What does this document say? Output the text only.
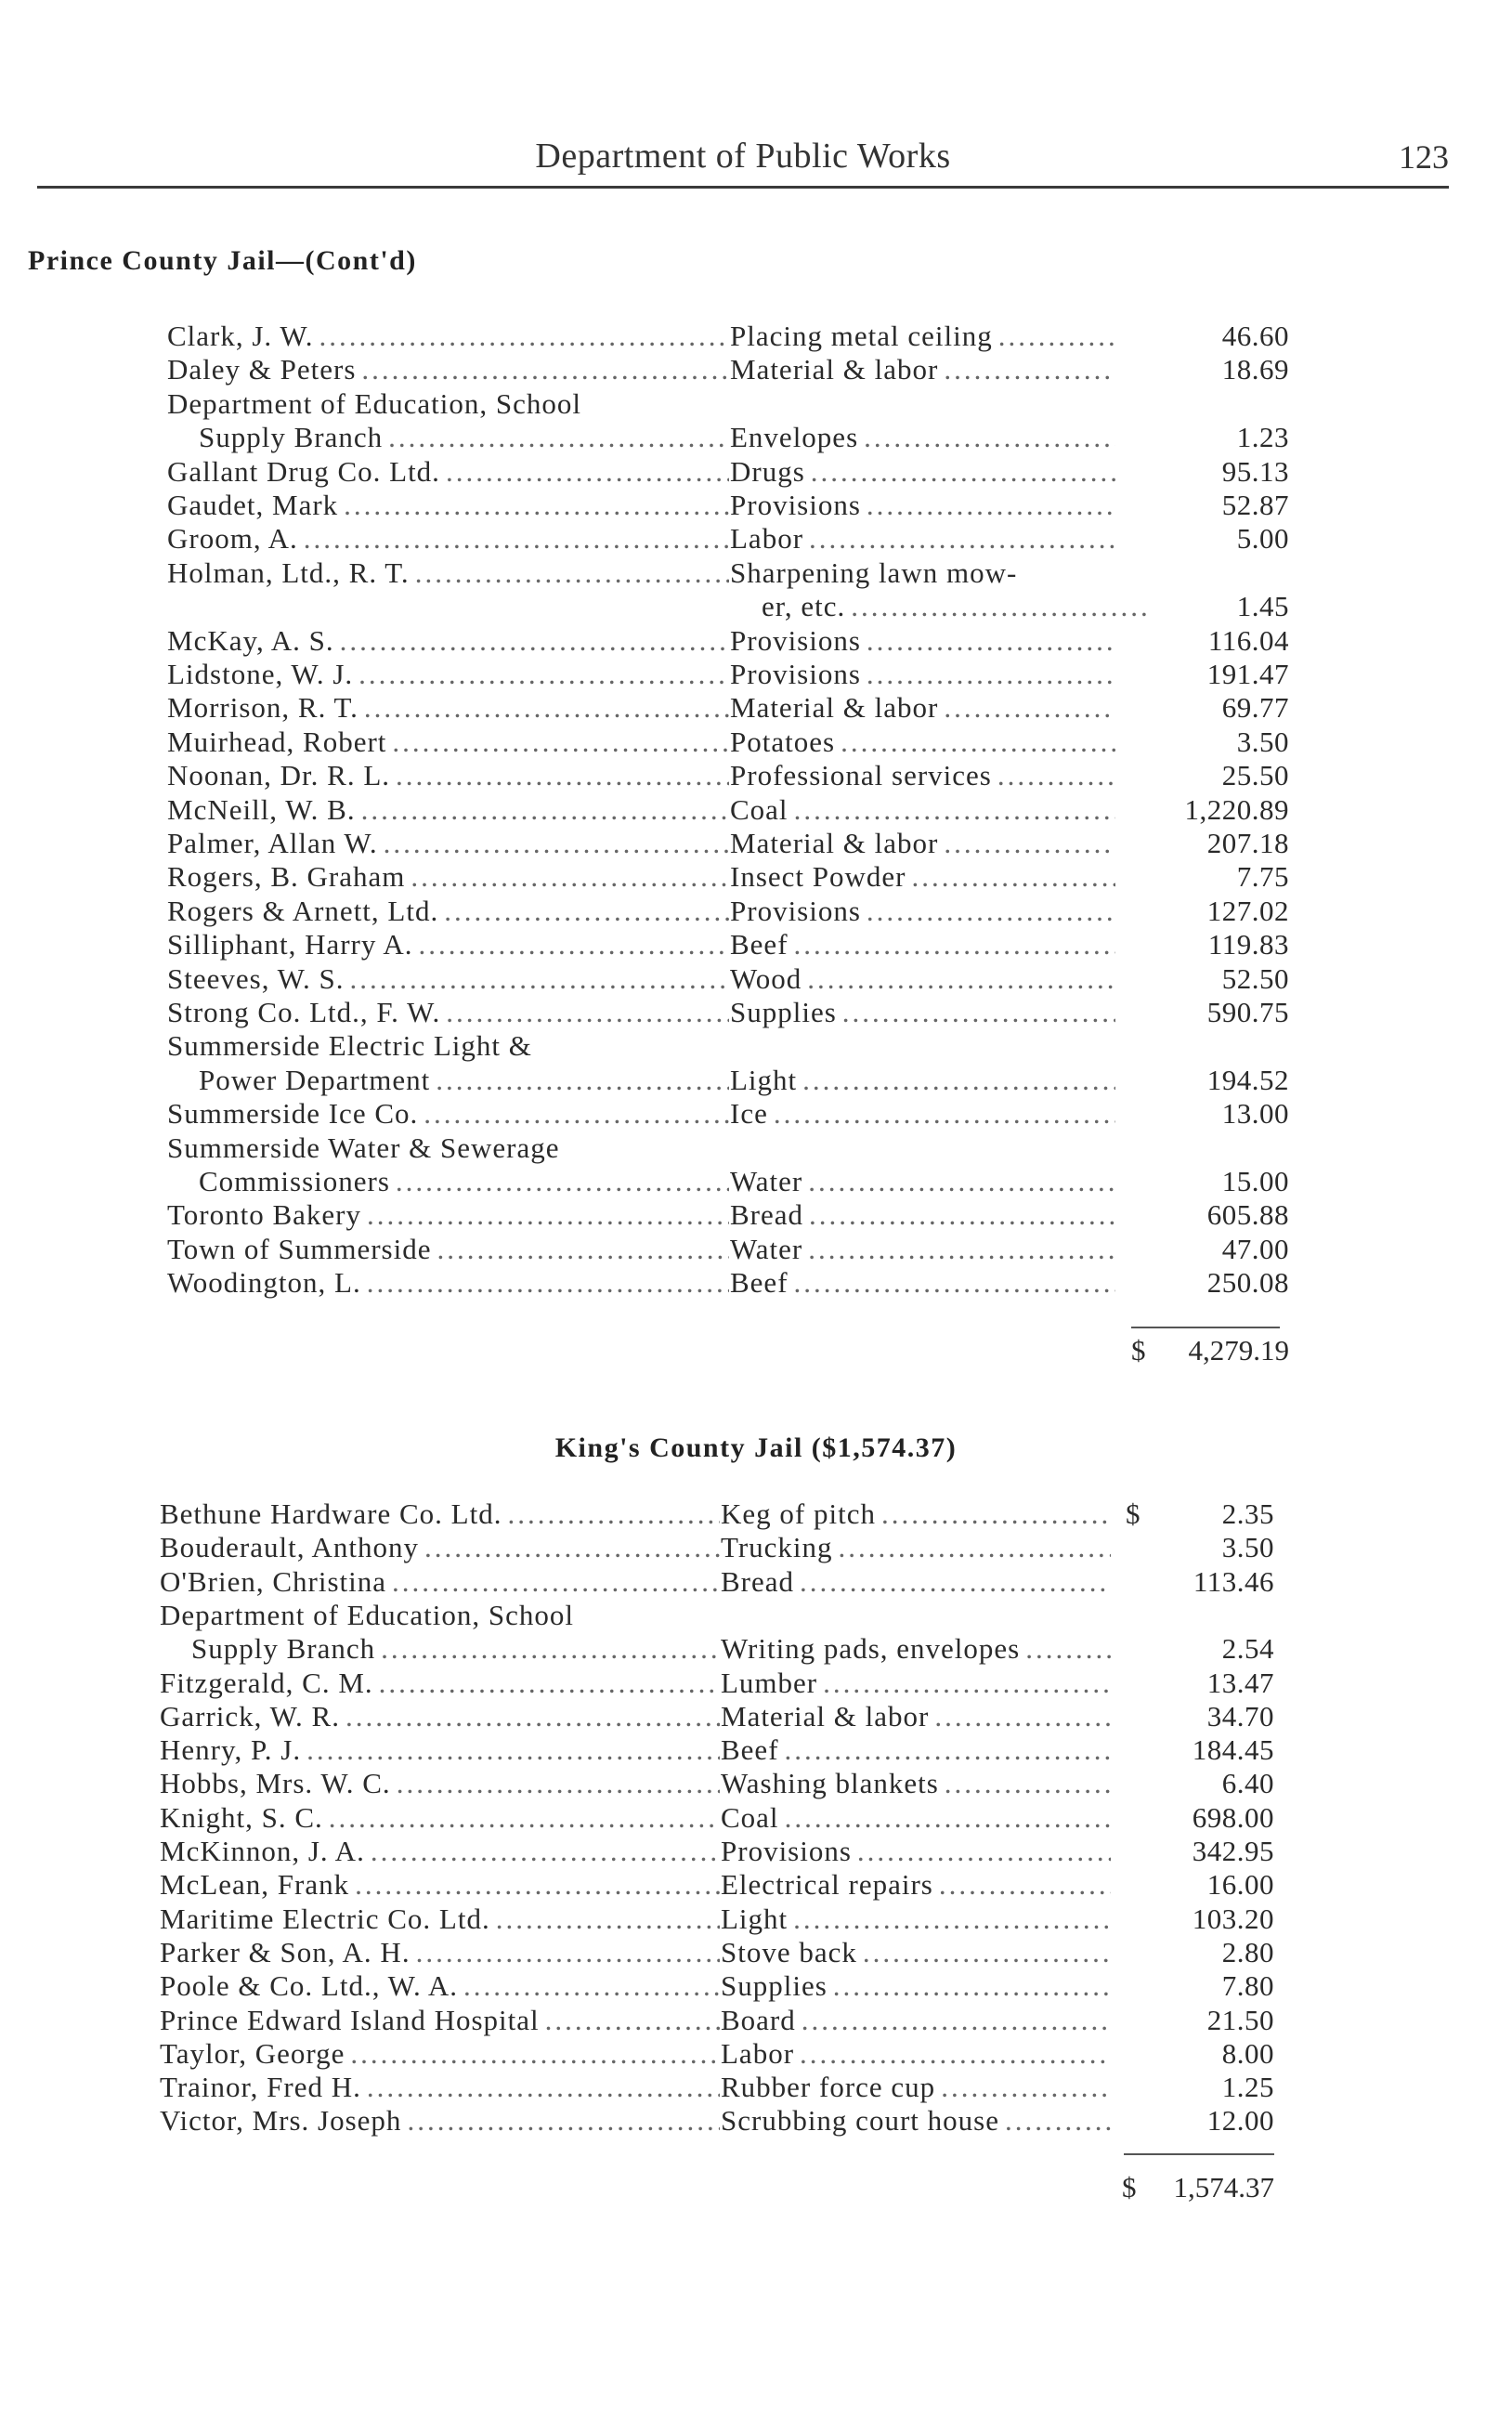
Department of Public Works	123
Prince County Jail—(Cont'd)
Clark, J. W. .....	Placing metal ceiling .....	46.60
Daley & Peters .....	Material & labor .....	18.69
Department of Education, School
Supply Branch .....	Envelopes .....	1.23
Gallant Drug Co. Ltd. .....	Drugs .....	95.13
Gaudet, Mark .....	Provisions .....	52.87
Groom, A. .....	Labor .....	5.00
Holman, Ltd., R. T. .....	Sharpening lawn mow-
er, etc. .....	1.45
McKay, A. S. .....	Provisions .....	116.04
Lidstone, W. J. .....	Provisions .....	191.47
Morrison, R. T. .....	Material & labor .....	69.77
Muirhead, Robert .....	Potatoes .....	3.50
Noonan, Dr. R. L. .....	Professional services .....	25.50
McNeill, W. B. .....	Coal .....	1,220.89
Palmer, Allan W. .....	Material & labor .....	207.18
Rogers, B. Graham .....	Insect Powder .....	7.75
Rogers & Arnett, Ltd. .....	Provisions .....	127.02
Silliphant, Harry A. .....	Beef .....	119.83
Steeves, W. S. .....	Wood .....	52.50
Strong Co. Ltd., F. W. .....	Supplies .....	590.75
Summerside Electric Light &
Power Department .....	Light .....	194.52
Summerside Ice Co. .....	Ice .....	13.00
Summerside Water & Sewerage
Commissioners .....	Water .....	15.00
Toronto Bakery .....	Bread .....	605.88
Town of Summerside .....	Water .....	47.00
Woodington, L. .....	Beef .....	250.08
$ 4,279.19
King's County Jail ($1,574.37)
Bethune Hardware Co. Ltd. .....	Keg of pitch .....	$	2.35
Bouderault, Anthony .....	Trucking .....	3.50
O'Brien, Christina .....	Bread .....	113.46
Department of Education, School
Supply Branch .....	Writing pads, envelopes .....	2.54
Fitzgerald, C. M. .....	Lumber .....	13.47
Garrick, W. R. .....	Material & labor .....	34.70
Henry, P. J. .....	Beef .....	184.45
Hobbs, Mrs. W. C. .....	Washing blankets .....	6.40
Knight, S. C. .....	Coal .....	698.00
McKinnon, J. A. .....	Provisions .....	342.95
McLean, Frank .....	Electrical repairs .....	16.00
Maritime Electric Co. Ltd. .....	Light .....	103.20
Parker & Son, A. H. .....	Stove back .....	2.80
Poole & Co. Ltd., W. A. .....	Supplies .....	7.80
Prince Edward Island Hospital .....	Board .....	21.50
Taylor, George .....	Labor .....	8.00
Trainor, Fred H. .....	Rubber force cup .....	1.25
Victor, Mrs. Joseph .....	Scrubbing court house .....	12.00
$ 1,574.37
